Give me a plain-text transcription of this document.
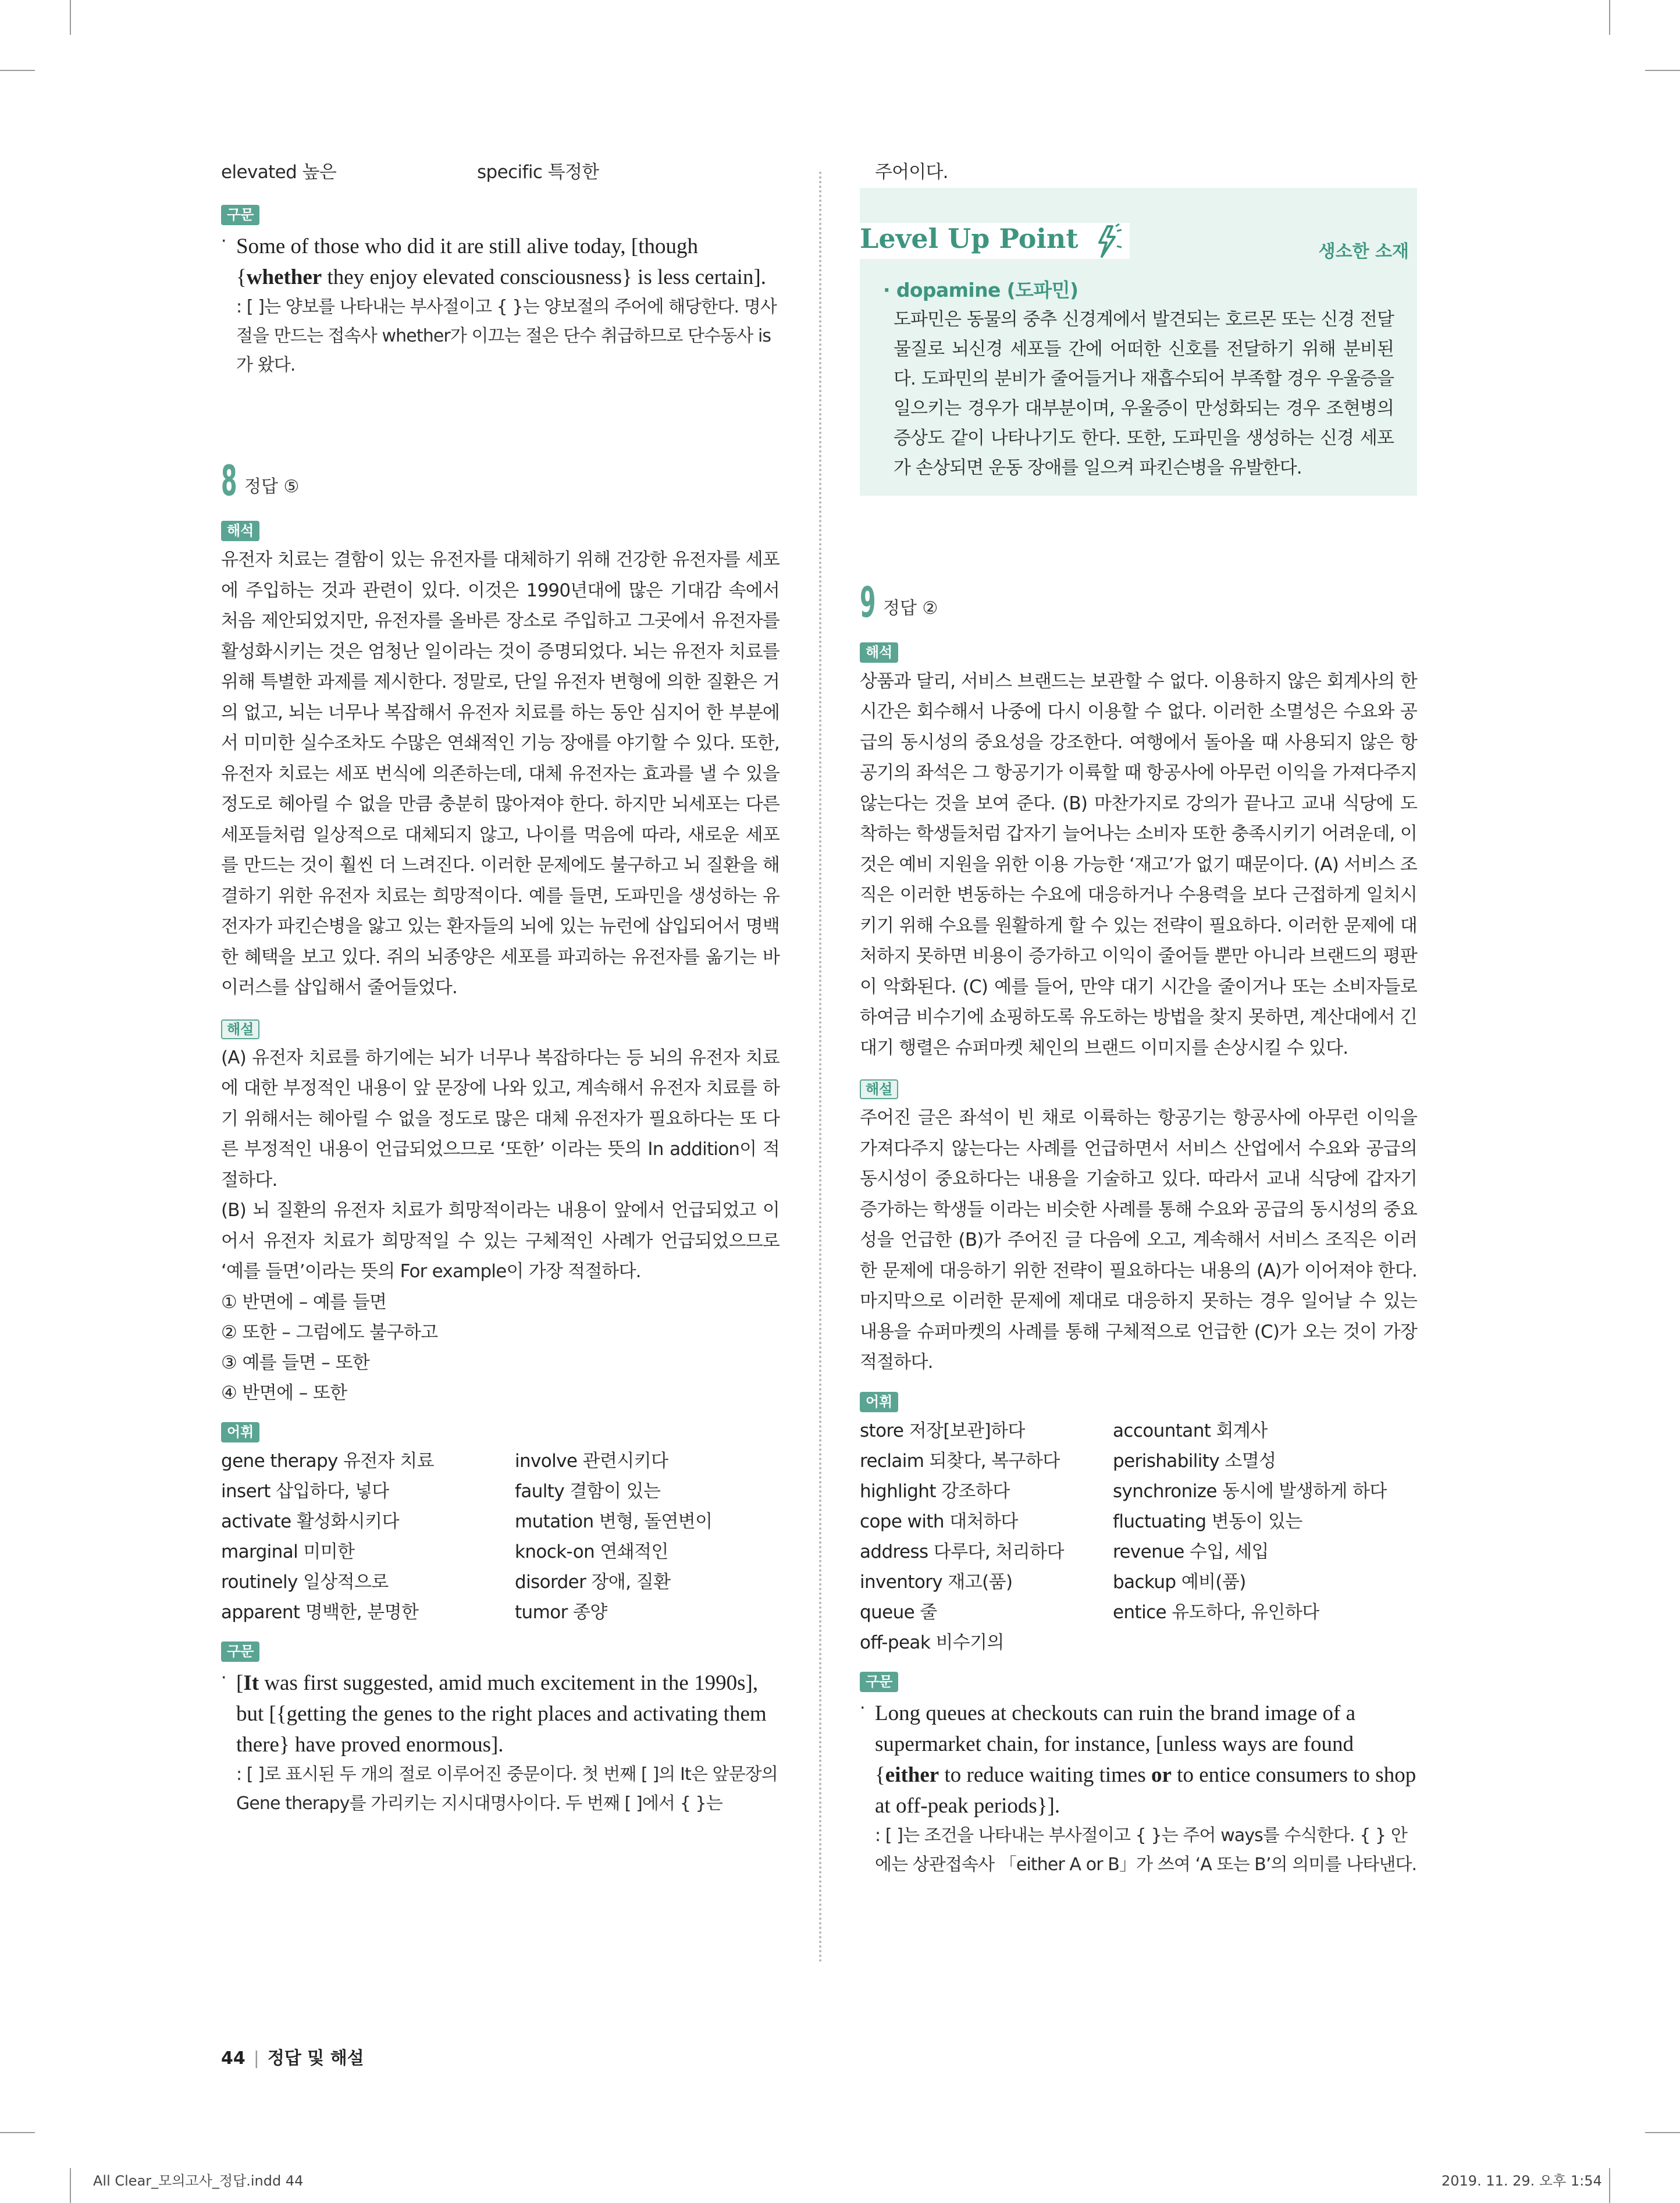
elevated 높은	specific 특정한
구문
· Some of those who did it are still alive today, [though {whether they enjoy elevated consciousness} is less certain].

: [ ]는 양보를 나타내는 부사절이고 { }는 양보절의 주어에 해당한다. 명사절을 만드는 접속사 whether가 이끄는 절은 단수 취급하므로 단수동사 is가 왔다.

8 정답 ⑤
해석

유전자 치료는 결함이 있는 유전자를 대체하기 위해 건강한 유전자를 세포에 주입하는 것과 관련이 있다. 이것은 1990년대에 많은 기대감 속에서 처음 제안되었지만, 유전자를 올바른 장소로 주입하고 그곳에서 유전자를 활성화시키는 것은 엄청난 일이라는 것이 증명되었다. 뇌는 유전자 치료를 위해 특별한 과제를 제시한다. 정말로, 단일 유전자 변형에 의한 질환은 거의 없고, 뇌는 너무나 복잡해서 유전자 치료를 하는 동안 심지어 한 부분에서 미미한 실수조차도 수많은 연쇄적인 기능 장애를 야기할 수 있다. 또한, 유전자 치료는 세포 번식에 의존하는데, 대체 유전자는 효과를 낼 수 있을 정도로 헤아릴 수 없을 만큼 충분히 많아져야 한다. 하지만 뇌세포는 다른 세포들처럼 일상적으로 대체되지 않고, 나이를 먹음에 따라, 새로운 세포를 만드는 것이 훨씬 더 느려진다. 이러한 문제에도 불구하고 뇌 질환을 해결하기 위한 유전자 치료는 희망적이다. 예를 들면, 도파민을 생성하는 유전자가 파킨슨병을 앓고 있는 환자들의 뇌에 있는 뉴런에 삽입되어서 명백한 혜택을 보고 있다. 쥐의 뇌종양은 세포를 파괴하는 유전자를 옮기는 바이러스를 삽입해서 줄어들었다.

해설

(A) 유전자 치료를 하기에는 뇌가 너무나 복잡하다는 등 뇌의 유전자 치료에 대한 부정적인 내용이 앞 문장에 나와 있고, 계속해서 유전자 치료를 하기 위해서는 헤아릴 수 없을 정도로 많은 대체 유전자가 필요하다는 또 다른 부정적인 내용이 언급되었으므로 ‘또한’ 이라는 뜻의 In addition이 적절하다.

(B) 뇌 질환의 유전자 치료가 희망적이라는 내용이 앞에서 언급되었고 이어서 유전자 치료가 희망적일 수 있는 구체적인 사례가 언급되었으므로 ‘예를 들면’이라는 뜻의 For example이 가장 적절하다.

① 반면에 – 예를 들면

② 또한 – 그럼에도 불구하고

③ 예를 들면 – 또한

④ 반면에 – 또한

어휘
gene therapy 유전자 치료	involve 관련시키다
insert 삽입하다, 넣다	faulty 결함이 있는
activate 활성화시키다	mutation 변형, 돌연변이
marginal 미미한	knock-on 연쇄적인
routinely 일상적으로	disorder 장애, 질환
apparent 명백한, 분명한	tumor 종양
구문
· [It was first suggested, amid much excitement in the 1990s], but [{getting the genes to the right places and activating them there} have proved enormous].

: [ ]로 표시된 두 개의 절로 이루어진 중문이다. 첫 번째 [ ]의 It은 앞문장의 Gene therapy를 가리키는 지시대명사이다. 두 번째 [ ]에서 { }는

주어이다.

Level Up Point	생소한 소재

· dopamine (도파민)

도파민은 동물의 중추 신경계에서 발견되는 호르몬 또는 신경 전달물질로 뇌신경 세포들 간에 어떠한 신호를 전달하기 위해 분비된다. 도파민의 분비가 줄어들거나 재흡수되어 부족할 경우 우울증을 일으키는 경우가 대부분이며, 우울증이 만성화되는 경우 조현병의 증상도 같이 나타나기도 한다. 또한, 도파민을 생성하는 신경 세포가 손상되면 운동 장애를 일으켜 파킨슨병을 유발한다.

9 정답 ②
해석

상품과 달리, 서비스 브랜드는 보관할 수 없다. 이용하지 않은 회계사의 한 시간은 회수해서 나중에 다시 이용할 수 없다. 이러한 소멸성은 수요와 공급의 동시성의 중요성을 강조한다. 여행에서 돌아올 때 사용되지 않은 항공기의 좌석은 그 항공기가 이륙할 때 항공사에 아무런 이익을 가져다주지 않는다는 것을 보여 준다. (B) 마찬가지로 강의가 끝나고 교내 식당에 도착하는 학생들처럼 갑자기 늘어나는 소비자 또한 충족시키기 어려운데, 이것은 예비 지원을 위한 이용 가능한 ‘재고’가 없기 때문이다. (A) 서비스 조직은 이러한 변동하는 수요에 대응하거나 수용력을 보다 근접하게 일치시키기 위해 수요를 원활하게 할 수 있는 전략이 필요하다. 이러한 문제에 대처하지 못하면 비용이 증가하고 이익이 줄어들 뿐만 아니라 브랜드의 평판이 악화된다. (C) 예를 들어, 만약 대기 시간을 줄이거나 또는 소비자들로 하여금 비수기에 쇼핑하도록 유도하는 방법을 찾지 못하면, 계산대에서 긴 대기 행렬은 슈퍼마켓 체인의 브랜드 이미지를 손상시킬 수 있다.

해설

주어진 글은 좌석이 빈 채로 이륙하는 항공기는 항공사에 아무런 이익을 가져다주지 않는다는 사례를 언급하면서 서비스 산업에서 수요와 공급의 동시성이 중요하다는 내용을 기술하고 있다. 따라서 교내 식당에 갑자기 증가하는 학생들 이라는 비슷한 사례를 통해 수요와 공급의 동시성의 중요성을 언급한 (B)가 주어진 글 다음에 오고, 계속해서 서비스 조직은 이러한 문제에 대응하기 위한 전략이 필요하다는 내용의 (A)가 이어져야 한다. 마지막으로 이러한 문제에 제대로 대응하지 못하는 경우 일어날 수 있는 내용을 슈퍼마켓의 사례를 통해 구체적으로 언급한 (C)가 오는 것이 가장 적절하다.

어휘
store 저장[보관]하다	accountant 회계사
reclaim 되찾다, 복구하다	perishability 소멸성
highlight 강조하다	synchronize 동시에 발생하게 하다
cope with 대처하다	fluctuating 변동이 있는
address 다루다, 처리하다	revenue 수입, 세입
inventory 재고(품)	backup 예비(품)
queue 줄	entice 유도하다, 유인하다
off-peak 비수기의
구문
· Long queues at checkouts can ruin the brand image of a supermarket chain, for instance, [unless ways are found {either to reduce waiting times or to entice consumers to shop at off-peak periods}].

: [ ]는 조건을 나타내는 부사절이고 { }는 주어 ways를 수식한다. { } 안에는 상관접속사 「either A or B」가 쓰여 ‘A 또는 B’의 의미를 나타낸다.

44 | 정답 및 해설
All Clear_모의고사_정답.indd 44	2019. 11. 29. 오후 1:54
